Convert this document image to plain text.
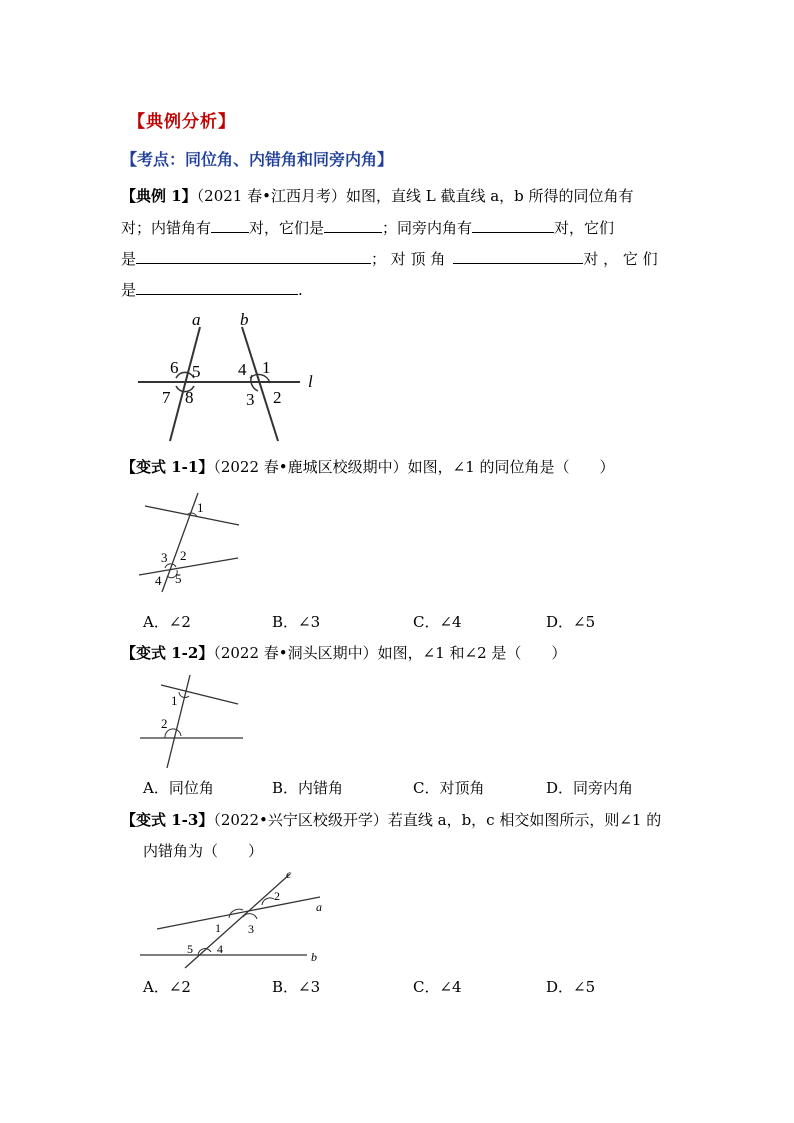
【典例分析】
【考点：同位角、内错角和同旁内角】
【典例 1】（2021 春•江西月考）如图，直线 L 截直线 a，b 所得的同位角有
对；内错角有	对，它们是	；同旁内角有	对，它们
是	； 对 顶 角	对 ， 它 们
是	.
a b
l
1
2
3
4
5
6
7 8
【变式 1-1】（2022 春•鹿城区校级期中）如图，∠1 的同位角是（　　）
1
2
3
4 5
A．∠2	B．∠3	C．∠4	D．∠5
【变式 1-2】（2022 春•洞头区期中）如图，∠1 和∠2 是（　　）
1
2
A．同位角	B．内错角	C．对顶角	D．同旁内角
【变式 1-3】（2022•兴宁区校级开学）若直线 a，b，c 相交如图所示，则∠1 的
内错角为（　　）
c
2
a
1 3
5 4
b
A．∠2	B．∠3	C．∠4	D．∠5
